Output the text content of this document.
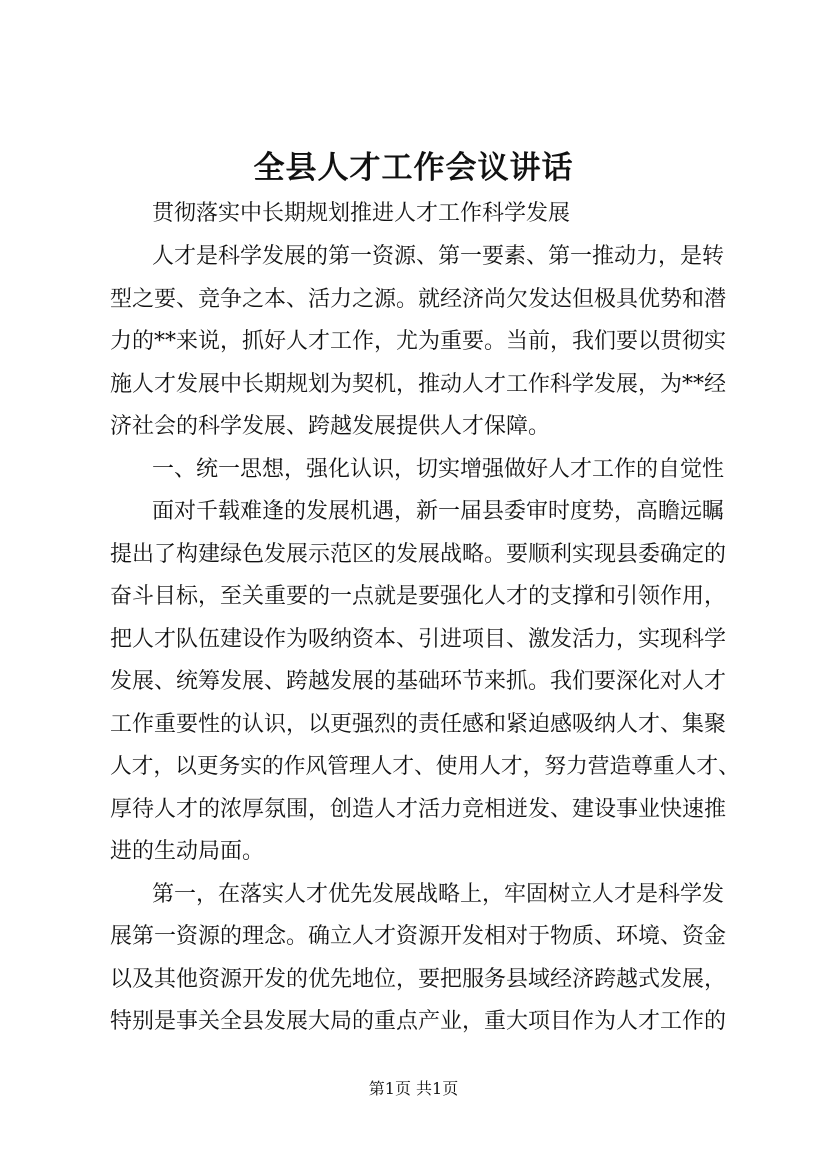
全县人才工作会议讲话
贯彻落实中长期规划推进人才工作科学发展
人才是科学发展的第一资源、第一要素、第一推动力，是转
型之要、竞争之本、活力之源。就经济尚欠发达但极具优势和潜
力的**来说，抓好人才工作，尤为重要。当前，我们要以贯彻实
施人才发展中长期规划为契机，推动人才工作科学发展，为**经
济社会的科学发展、跨越发展提供人才保障。
一、统一思想，强化认识，切实增强做好人才工作的自觉性
面对千载难逢的发展机遇，新一届县委审时度势，高瞻远瞩
提出了构建绿色发展示范区的发展战略。要顺利实现县委确定的
奋斗目标，至关重要的一点就是要强化人才的支撑和引领作用，
把人才队伍建设作为吸纳资本、引进项目、激发活力，实现科学
发展、统筹发展、跨越发展的基础环节来抓。我们要深化对人才
工作重要性的认识，以更强烈的责任感和紧迫感吸纳人才、集聚
人才，以更务实的作风管理人才、使用人才，努力营造尊重人才、
厚待人才的浓厚氛围，创造人才活力竞相迸发、建设事业快速推
进的生动局面。
第一，在落实人才优先发展战略上，牢固树立人才是科学发
展第一资源的理念。确立人才资源开发相对于物质、环境、资金
以及其他资源开发的优先地位，要把服务县域经济跨越式发展，
特别是事关全县发展大局的重点产业，重大项目作为人才工作的
第1页 共1页
